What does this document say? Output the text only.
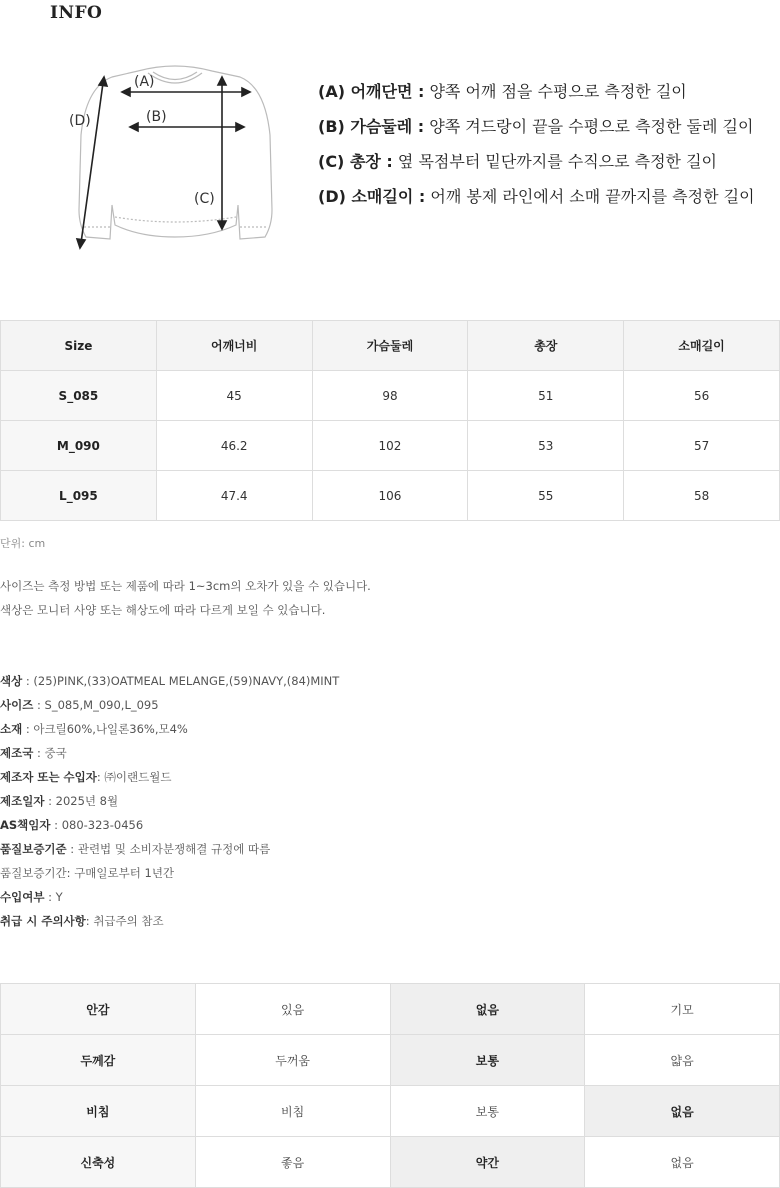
INFO
(A)
(B)
(C)
(D)
(A) 어깨단면 : 양쪽 어깨 점을 수평으로 측정한 길이
(B) 가슴둘레 : 양쪽 겨드랑이 끝을 수평으로 측정한 둘레 길이
(C) 총장 : 옆 목점부터 밑단까지를 수직으로 측정한 길이
(D) 소매길이 : 어깨 봉제 라인에서 소매 끝까지를 측정한 길이
Size	어깨너비	가슴둘레	총장	소매길이
S_085	45	98	51	56
M_090	46.2	102	53	57
L_095	47.4	106	55	58
단위: cm
사이즈는 측정 방법 또는 제품에 따라 1~3cm의 오차가 있을 수 있습니다.
색상은 모니터 사양 또는 해상도에 따라 다르게 보일 수 있습니다.
색상 : (25)PINK,(33)OATMEAL MELANGE,(59)NAVY,(84)MINT
사이즈 : S_085,M_090,L_095
소재 : 아크릴60%,나일론36%,모4%
제조국 : 중국
제조자 또는 수입자: ㈜이랜드월드
제조일자 : 2025년 8월
AS책임자 : 080-323-0456
품질보증기준 : 관련법 및 소비자분쟁해결 규정에 따름
품질보증기간: 구매일로부터 1년간
수입여부 : Y
취급 시 주의사항: 취급주의 참조
안감	있음	없음	기모
두께감	두꺼움	보통	얇음
비침	비침	보통	없음
신축성	좋음	약간	없음
